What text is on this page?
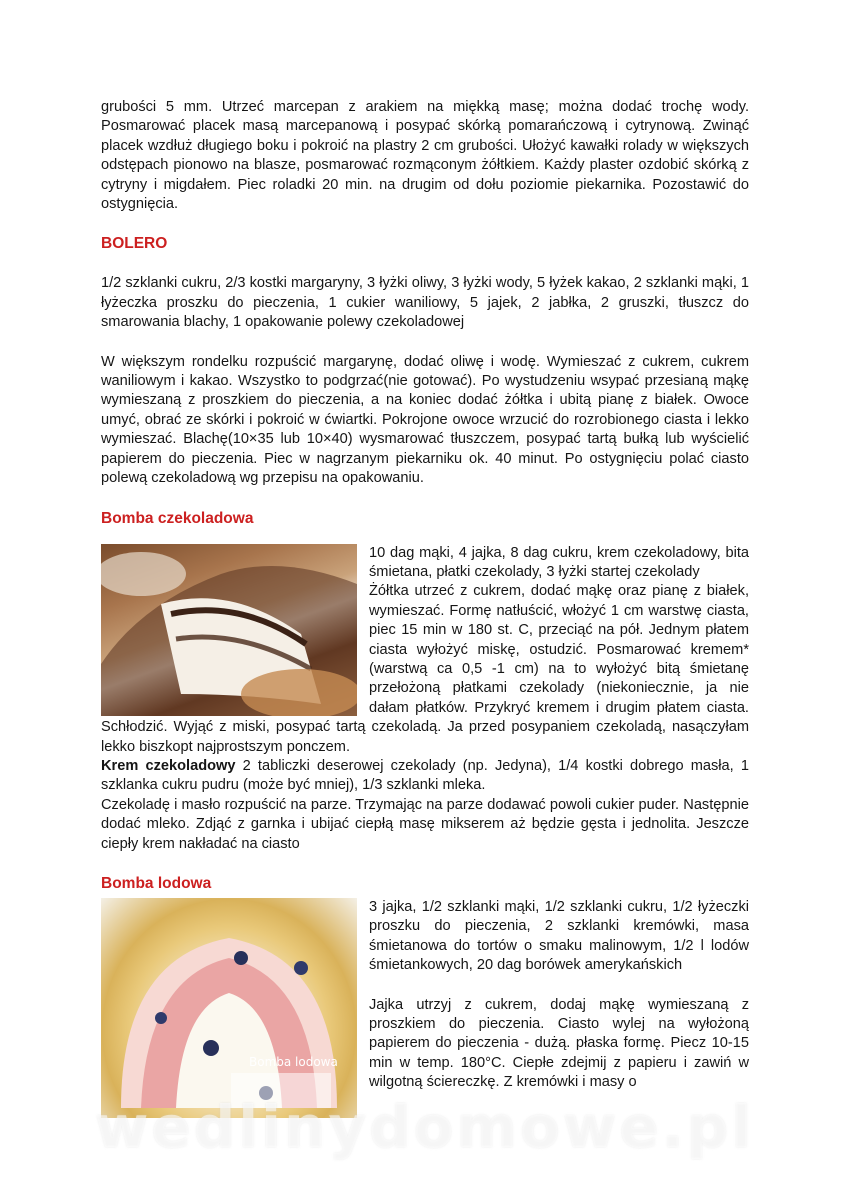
grubości 5 mm. Utrzeć marcepan z arakiem na miękką masę; można dodać trochę wody. Posmarować placek masą marcepanową i posypać skórką pomarańczową i cytrynową. Zwinąć placek wzdłuż długiego boku i pokroić na plastry 2 cm grubości. Ułożyć kawałki rolady w większych odstępach pionowo na blasze, posmarować rozmąconym żółtkiem. Każdy plaster ozdobić skórką z cytryny i migdałem. Piec roladki 20 min. na drugim od dołu poziomie piekarnika. Pozostawić do ostygnięcia.

BOLERO

1/2 szklanki cukru, 2/3 kostki margaryny, 3 łyżki oliwy, 3 łyżki wody, 5 łyżek kakao, 2 szklanki mąki, 1 łyżeczka proszku do pieczenia, 1 cukier waniliowy, 5 jajek, 2 jabłka, 2 gruszki, tłuszcz do smarowania blachy, 1 opakowanie polewy czekoladowej

W większym rondelku rozpuścić margarynę, dodać oliwę i wodę. Wymieszać z cukrem, cukrem waniliowym i kakao. Wszystko to podgrzać(nie gotować). Po wystudzeniu wsypać przesianą mąkę wymieszaną z proszkiem do pieczenia, a na koniec dodać żółtka i ubitą pianę z białek. Owoce umyć, obrać ze skórki i pokroić w ćwiartki. Pokrojone owoce wrzucić do rozrobionego ciasta i lekko wymieszać. Blachę(10×35 lub 10×40) wysmarować tłuszczem, posypać tartą bułką lub wyścielić papierem do pieczenia. Piec w nagrzanym piekarniku ok. 40 minut. Po ostygnięciu polać ciasto polewą czekoladową wg przepisu na opakowaniu.

Bomba czekoladowa

10 dag mąki, 4 jajka, 8 dag cukru, krem czekoladowy, bita śmietana, płatki czekolady, 3 łyżki startej czekolady

Żółtka utrzeć z cukrem, dodać mąkę oraz pianę z białek, wymieszać. Formę natłuścić, włożyć 1 cm warstwę ciasta, piec 15 min w 180 st. C, przeciąć na pół. Jednym płatem ciasta wyłożyć miskę, ostudzić. Posmarować kremem* (warstwą ca 0,5 -1 cm) na to wyłożyć bitą śmietanę przełożoną płatkami czekolady (niekoniecznie, ja nie dałam płatków. Przykryć kremem i drugim płatem ciasta. Schłodzić. Wyjąć z miski, posypać tartą czekoladą. Ja przed posypaniem czekoladą, nasączyłam lekko biszkopt najprostszym ponczem.

Krem czekoladowy 2 tabliczki deserowej czekolady (np. Jedyna), 1/4 kostki dobrego masła, 1 szklanka cukru pudru (może być mniej), 1/3 szklanki mleka.

Czekoladę i masło rozpuścić na parze. Trzymając na parze dodawać powoli cukier puder. Następnie dodać mleko. Zdjąć z garnka i ubijać ciepłą masę mikserem aż będzie gęsta i jednolita. Jeszcze ciepły krem nakładać na ciasto

Bomba lodowa

Bomba lodowa

3 jajka, 1/2 szklanki mąki, 1/2 szklanki cukru, 1/2 łyżeczki proszku do pieczenia, 2 szklanki kremówki, masa śmietanowa do tortów o smaku malinowym, 1/2 l lodów śmietankowych, 20 dag borówek amerykańskich

Jajka utrzyj z cukrem, dodaj mąkę wymieszaną z proszkiem do pieczenia. Ciasto wylej na wyłożoną papierem do pieczenia - dużą. płaska formę. Piecz 10-15 min w temp. 180°C. Ciepłe zdejmij z papieru i zawiń w wilgotną ściereczkę. Z kremówki i masy o

wedlinydomowe.pl
